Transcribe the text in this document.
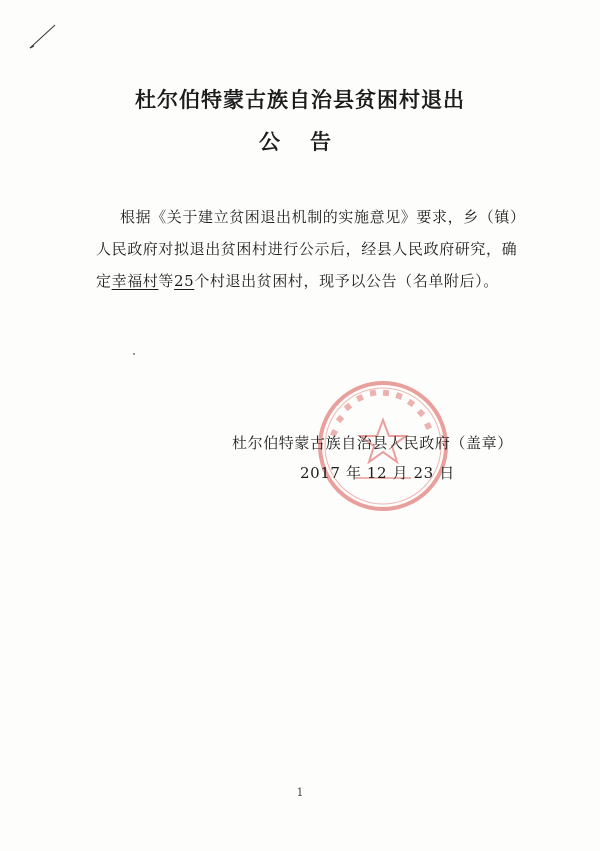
杜尔伯特蒙古族自治县贫困村退出
公告
根据《关于建立贫困退出机制的实施意见》要求，乡（镇）
人民政府对拟退出贫困村进行公示后，经县人民政府研究，确
定幸福村等25个村退出贫困村，现予以公告（名单附后）。
杜尔伯特蒙古族自治县人民政府（盖章）
2017 年 12 月 23 日
1
